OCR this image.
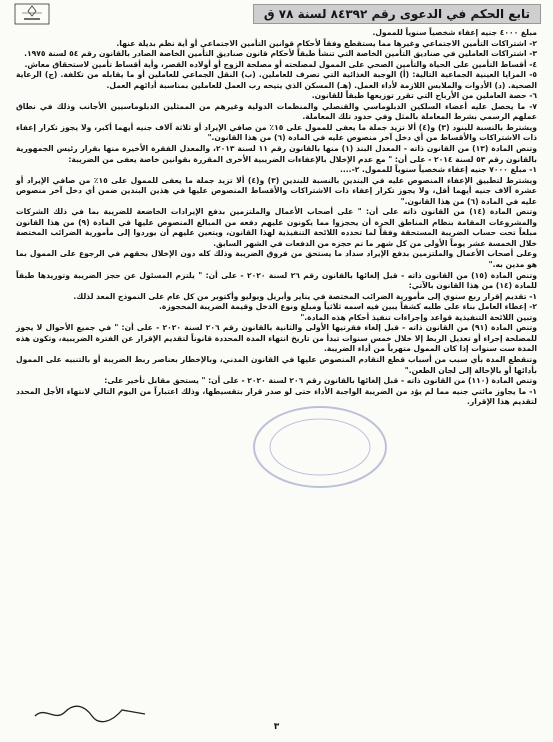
تابع الحكم في الدعوى رقم ٨٤٣٩٢ لسنة ٧٨ ق

مبلغ ٤٠٠٠ جنيه إعفاء شخصياً سنوياً للممول.

٢- اشتراكات التأمين الاجتماعي وغيرها مما يستقطع وفقاً لأحكام قوانين التأمين الاجتماعي أو أية نظم بديلة عنها.

٣- اشتراكات العاملين في صناديق التأمين الخاصة التي تنشأ طبقاً لأحكام قانون صناديق التأمين الخاصة الصادر بالقانون رقم ٥٤ لسنة ١٩٧٥.

٤- أقساط التأمين على الحياة والتأمين الصحي على الممول لمصلحته أو مصلحة الزوج أو أولاده القصر، وأية أقساط تأمين لاستحقاق معاش.

٥- المزايا العينية الجماعية التالية: (أ) الوجبة الغذائية التي تصرف للعاملين. (ب) النقل الجماعي للعاملين أو ما يقابله من تكلفة. (ج) الرعاية الصحية. (د) الأدوات والملابس اللازمة لأداء العمل. (هـ) المسكن الذي يتيحه رب العمل للعاملين بمناسبة أدائهم العمل.

٦- حصة العاملين من الأرباح التي تقرر توزيعها طبقاً للقانون.

٧- ما يحصل عليه أعضاء السلكين الدبلوماسي والقنصلي والمنظمات الدولية وغيرهم من الممثلين الدبلوماسيين الأجانب وذلك في نطاق عملهم الرسمي بشرط المعاملة بالمثل وفي حدود تلك المعاملة.

ويشترط بالنسبة للبنود (٣) و(٤) ألا تزيد جملة ما يعفى للممول على ١٥٪ من صافي الإيراد أو ثلاثة آلاف جنيه أيهما أكبر، ولا يجوز تكرار إعفاء ذات الاشتراكات والأقساط من أي دخل آخر منصوص عليه في المادة (٦) من هذا القانون."

وتنص المادة (١٣) من القانون ذاته - المعدل البند (١) منها بالقانون رقم ١١ لسنة ٢٠١٣، والمعدل الفقرة الأخيرة منها بقرار رئيس الجمهورية بالقانون رقم ٥٣ لسنة ٢٠١٤ - على أن: " مع عدم الإخلال بالإعفاءات الضريبية الأخرى المقررة بقوانين خاصة يعفى من الضريبة:

١- مبلغ ٧٠٠٠ جنيه إعفاء شخصياً سنوياً للممول. ٢-....

ويشترط لتطبيق الإعفاء المنصوص عليه في البندين بالنسبة للبندين (٣) و(٤) ألا تزيد جملة ما يعفى للممول على ١٥٪ من صافي الإيراد أو عشرة آلاف جنيه أيهما أقل، ولا يجوز تكرار إعفاء ذات الاشتراكات والأقساط المنصوص عليها في هذين البندين ضمن أي دخل آخر منصوص عليه في المادة (٦) من هذا القانون."

وتنص المادة (١٤) من القانون ذاته على أن: " على أصحاب الأعمال والملتزمين بدفع الإيرادات الخاضعة للضريبة بما في ذلك الشركات والمشروعات المقامة بنظام المناطق الحرة أن يحجزوا مما يكونون عليهم دفعه من المبالغ المنصوص عليها في المادة (٩) من هذا القانون مبلغاً تحت حساب الضريبة المستحقة وفقاً لما تحدده اللائحة التنفيذية لهذا القانون، ويتعين عليهم أن يوردوا إلى مأمورية الضرائب المختصة خلال الخمسة عشر يوماً الأولى من كل شهر ما تم حجزه من الدفعات في الشهر السابق.

وعلى أصحاب الأعمال والملتزمين بدفع الإيراد سداد ما يستحق من فروق الضريبة وذلك كله دون الإخلال بحقهم في الرجوع على الممول بما هو مدين به."

وتنص المادة (١٥) من القانون ذاته - قبل إلغائها بالقانون رقم ٢٦ لسنة ٢٠٢٠ - على أن: " يلتزم المسئول عن حجز الضريبة وتوريدها طبقاً للمادة (١٤) من هذا القانون بالآتي:

١- تقديم إقرار ربع سنوي إلى مأمورية الضرائب المختصة في يناير وأبريل ويوليو وأكتوبر من كل عام على النموذج المعد لذلك.

٢- إعطاء العامل بناء على طلبه كشفاً يبين فيه اسمه ثلاثياً ومبلغ ونوع الدخل وقيمة الضريبة المحجوزة.

وتبين اللائحة التنفيذية قواعد وإجراءات تنفيذ أحكام هذه المادة."

وتنص المادة (٩١) من القانون ذاته - قبل إلغاء فقرتيها الأولى والثانية بالقانون رقم ٢٠٦ لسنة ٢٠٢٠ - على أن: " في جميع الأحوال لا يجوز للمصلحة إجراء أو تعديل الربط إلا خلال خمس سنوات تبدأ من تاريخ انتهاء المدة المحددة قانوناً لتقديم الإقرار عن الفترة الضريبية، وتكون هذه المدة ست سنوات إذا كان الممول متهرباً من أداء الضريبة.

وتنقطع المدة بأي سبب من أسباب قطع التقادم المنصوص عليها في القانون المدني، وبالإخطار بعناصر ربط الضريبة أو بالتنبيه على الممول بأدائها أو بالإحالة إلى لجان الطعن."

وتنص المادة (١١٠) من القانون ذاته - قبل إلغائها بالقانون رقم ٢٠٦ لسنة ٢٠٢٠ - على أن: " يستحق مقابل تأخير على:

١- ما يجاوز مائتي جنيه مما لم يؤد من الضريبة الواجبة الأداء حتى لو صدر قرار بتقسيطها، وذلك اعتباراً من اليوم التالي لانتهاء الأجل المحدد لتقديم هذا الإقرار.

٣
